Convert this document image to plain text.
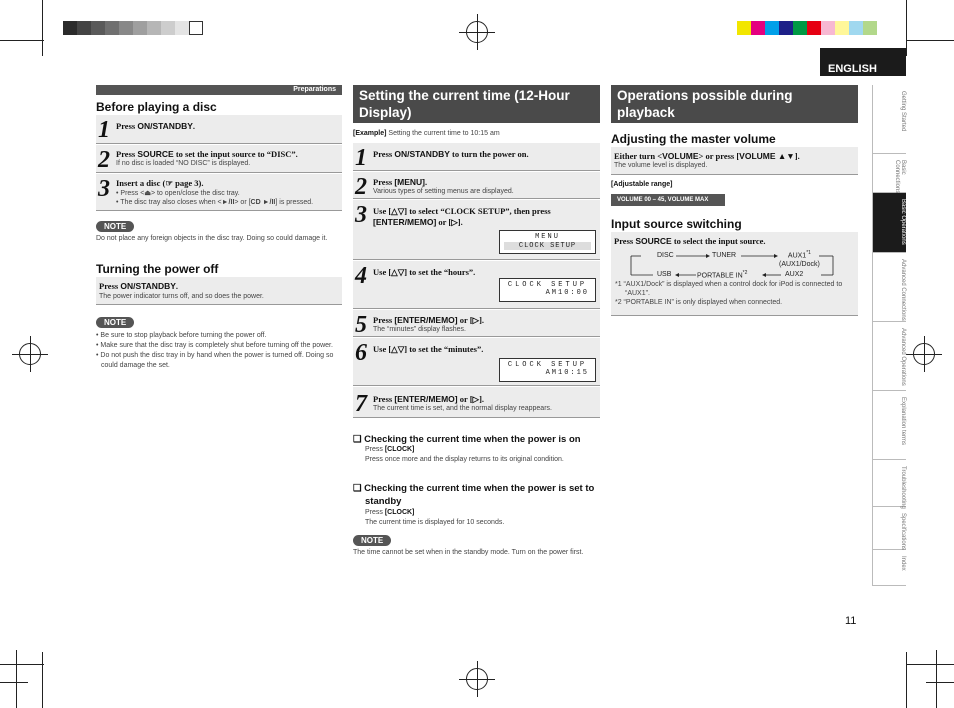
ENGLISH
Preparations
Before playing a disc
1 Press ON/STANDBY.
2 Press SOURCE to set the input source to “DISC”.
If no disc is loaded “NO DISC” is displayed.
3 Insert a disc (☞ page 3).
• Press <⏏> to open/close the disc tray.
• The disc tray also closes when <►/II> or [CD ►/II] is pressed.
NOTE
Do not place any foreign objects in the disc tray. Doing so could damage it.
Turning the power off
Press ON/STANDBY.
The power indicator turns off, and so does the power.
NOTE
• Be sure to stop playback before turning the power off.
• Make sure that the disc tray is completely shut before turning off the power.
• Do not push the disc tray in by hand when the power is turned off. Doing so could damage the set.
Setting the current time (12-Hour Display)
[Example] Setting the current time to 10:15 am
1 Press ON/STANDBY to turn the power on.
2 Press [MENU].
Various types of setting menus are displayed.
3 Use [△▽] to select “CLOCK SETUP”, then press [ENTER/MEMO] or [▷].
MENU
CLOCK SETUP
4 Use [△▽] to set the “hours”.
CLOCK SETUP
AM10:00
5 Press [ENTER/MEMO] or [▷].
The “minutes” display flashes.
6 Use [△▽] to set the “minutes”.
CLOCK SETUP
AM10:15
7 Press [ENTER/MEMO] or [▷].
The current time is set, and the normal display reappears.
❑ Checking the current time when the power is on
Press [CLOCK]
Press once more and the display returns to its original condition.
❑ Checking the current time when the power is set to standby
Press [CLOCK]
The current time is displayed for 10 seconds.
NOTE
The time cannot be set when in the standby mode. Turn on the power first.
Operations possible during playback
Adjusting the master volume
Either turn <VOLUME> or press [VOLUME ▲▼].
The volume level is displayed.
[Adjustable range]
VOLUME 00 – 45, VOLUME MAX
Input source switching
Press SOURCE to select the input source.
DISC	TUNER	AUX1$^{*1}$
(AUX1/Dock)
USB	PORTABLE IN$^{*2}$	AUX2
*1 “AUX1/Dock” is displayed when a control dock for iPod is connected to “AUX1”.
*2 “PORTABLE IN” is only displayed when connected.
Getting Started
Basic Connections
Basic Operations
Advanced Connections
Advanced Operations
Explanation terms
Troubleshooting
Specifications
Index
11
